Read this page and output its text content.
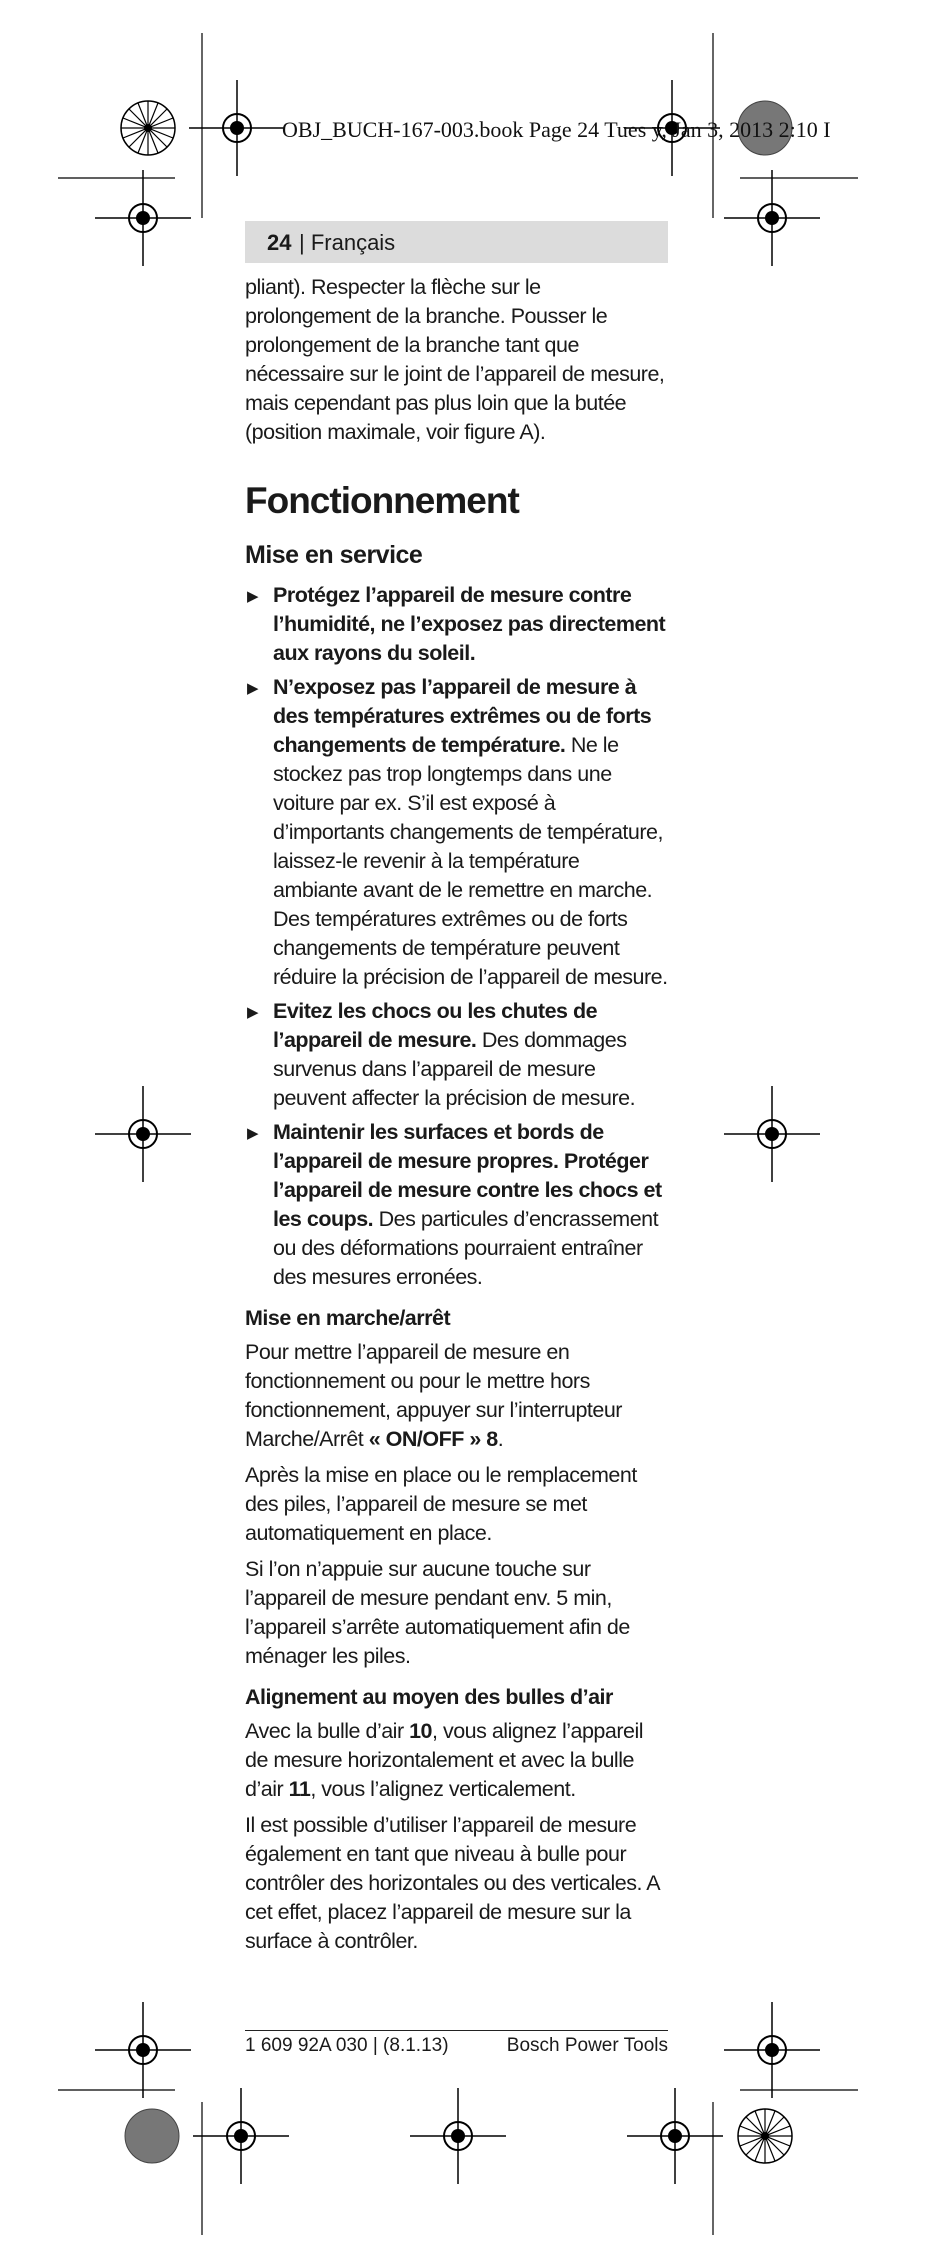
OBJ_BUCH-167-003.book Page 24 Tues y, Jan 3, 2013 2:10 I
24 | Français

pliant). Respecter la flèche sur le prolongement de la branche. Pousser le prolongement de la branche tant que nécessaire sur le joint de l’appareil de mesure, mais cependant pas plus loin que la butée (position maximale, voir figure A).

Fonctionnement
Mise en service
▶ Protégez l’appareil de mesure contre l’humidité, ne l’exposez pas directement aux rayons du soleil.
▶ N’exposez pas l’appareil de mesure à des températures extrêmes ou de forts changements de température. Ne le stockez pas trop longtemps dans une voiture par ex. S’il est exposé à d’importants changements de température, laissez-le revenir à la température ambiante avant de le remettre en marche. Des températures extrêmes ou de forts changements de température peuvent réduire la précision de l’appareil de mesure.
▶ Evitez les chocs ou les chutes de l’appareil de mesure. Des dommages survenus dans l’appareil de mesure peuvent affecter la précision de mesure.
▶ Maintenir les surfaces et bords de l’appareil de mesure propres. Protéger l’appareil de mesure contre les chocs et les coups. Des particules d’encrassement ou des déformations pourraient entraîner des mesures erronées.
Mise en marche/arrêt

Pour mettre l’appareil de mesure en fonctionnement ou pour le mettre hors fonctionnement, appuyer sur l’interrupteur Marche/Arrêt « ON/OFF » 8.

Après la mise en place ou le remplacement des piles, l’appareil de mesure se met automatiquement en place.

Si l’on n’appuie sur aucune touche sur l’appareil de mesure pendant env. 5 min, l’appareil s’arrête automatiquement afin de ménager les piles.

Alignement au moyen des bulles d’air

Avec la bulle d’air 10, vous alignez l’appareil de mesure horizontalement et avec la bulle d’air 11, vous l’alignez verticalement.

Il est possible d’utiliser l’appareil de mesure également en tant que niveau à bulle pour contrôler des horizontales ou des verticales. A cet effet, placez l’appareil de mesure sur la surface à contrôler.

1 609 92A 030 | (8.1.13)	Bosch Power Tools
